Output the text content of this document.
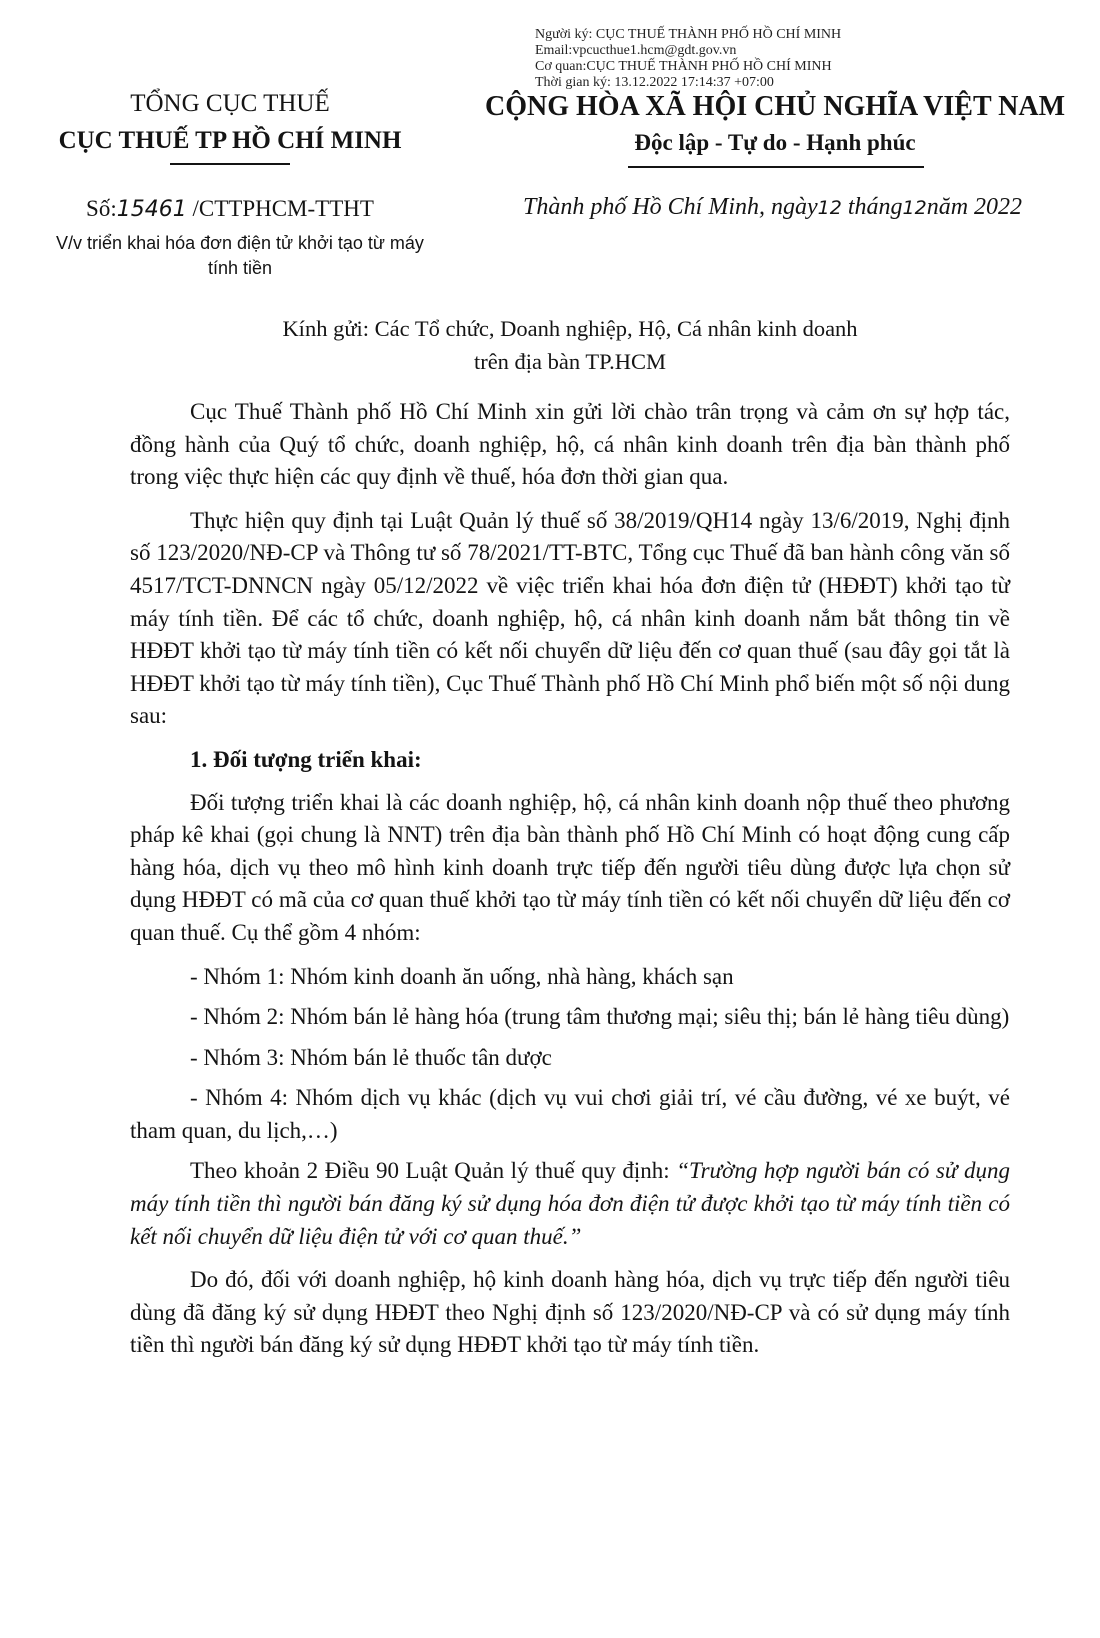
Người ký: CỤC THUẾ THÀNH PHỐ HỒ CHÍ MINH
Email:vpcucthue1.hcm@gdt.gov.vn
Cơ quan:CỤC THUẾ THÀNH PHỐ HỒ CHÍ MINH
Thời gian ký: 13.12.2022 17:14:37 +07:00
TỔNG CỤC THUẾ
CỤC THUẾ TP HỒ CHÍ MINH
CỘNG HÒA XÃ HỘI CHỦ NGHĨA VIỆT NAM
Độc lập - Tự do - Hạnh phúc
Số:15461 /CTTPHCM-TTHT
V/v triển khai hóa đơn điện tử khởi tạo từ máy tính tiền
Thành phố Hồ Chí Minh, ngày12 tháng12năm 2022
Kính gửi: Các Tổ chức, Doanh nghiệp, Hộ, Cá nhân kinh doanh
trên địa bàn TP.HCM

Cục Thuế Thành phố Hồ Chí Minh xin gửi lời chào trân trọng và cảm ơn sự hợp tác, đồng hành của Quý tổ chức, doanh nghiệp, hộ, cá nhân kinh doanh trên địa bàn thành phố trong việc thực hiện các quy định về thuế, hóa đơn thời gian qua.

Thực hiện quy định tại Luật Quản lý thuế số 38/2019/QH14 ngày 13/6/2019, Nghị định số 123/2020/NĐ-CP và Thông tư số 78/2021/TT-BTC, Tổng cục Thuế đã ban hành công văn số 4517/TCT-DNNCN ngày 05/12/2022 về việc triển khai hóa đơn điện tử (HĐĐT) khởi tạo từ máy tính tiền. Để các tổ chức, doanh nghiệp, hộ, cá nhân kinh doanh nắm bắt thông tin về HĐĐT khởi tạo từ máy tính tiền có kết nối chuyển dữ liệu đến cơ quan thuế (sau đây gọi tắt là HĐĐT khởi tạo từ máy tính tiền), Cục Thuế Thành phố Hồ Chí Minh phổ biến một số nội dung sau:

1. Đối tượng triển khai:

Đối tượng triển khai là các doanh nghiệp, hộ, cá nhân kinh doanh nộp thuế theo phương pháp kê khai (gọi chung là NNT) trên địa bàn thành phố Hồ Chí Minh có hoạt động cung cấp hàng hóa, dịch vụ theo mô hình kinh doanh trực tiếp đến người tiêu dùng được lựa chọn sử dụng HĐĐT có mã của cơ quan thuế khởi tạo từ máy tính tiền có kết nối chuyển dữ liệu đến cơ quan thuế. Cụ thể gồm 4 nhóm:

- Nhóm 1: Nhóm kinh doanh ăn uống, nhà hàng, khách sạn

- Nhóm 2: Nhóm bán lẻ hàng hóa (trung tâm thương mại; siêu thị; bán lẻ hàng tiêu dùng)

- Nhóm 3: Nhóm bán lẻ thuốc tân dược

- Nhóm 4: Nhóm dịch vụ khác (dịch vụ vui chơi giải trí, vé cầu đường, vé xe buýt, vé tham quan, du lịch,…)

Theo khoản 2 Điều 90 Luật Quản lý thuế quy định: “Trường hợp người bán có sử dụng máy tính tiền thì người bán đăng ký sử dụng hóa đơn điện tử được khởi tạo từ máy tính tiền có kết nối chuyển dữ liệu điện tử với cơ quan thuế.”

Do đó, đối với doanh nghiệp, hộ kinh doanh hàng hóa, dịch vụ trực tiếp đến người tiêu dùng đã đăng ký sử dụng HĐĐT theo Nghị định số 123/2020/NĐ-CP và có sử dụng máy tính tiền thì người bán đăng ký sử dụng HĐĐT khởi tạo từ máy tính tiền.
